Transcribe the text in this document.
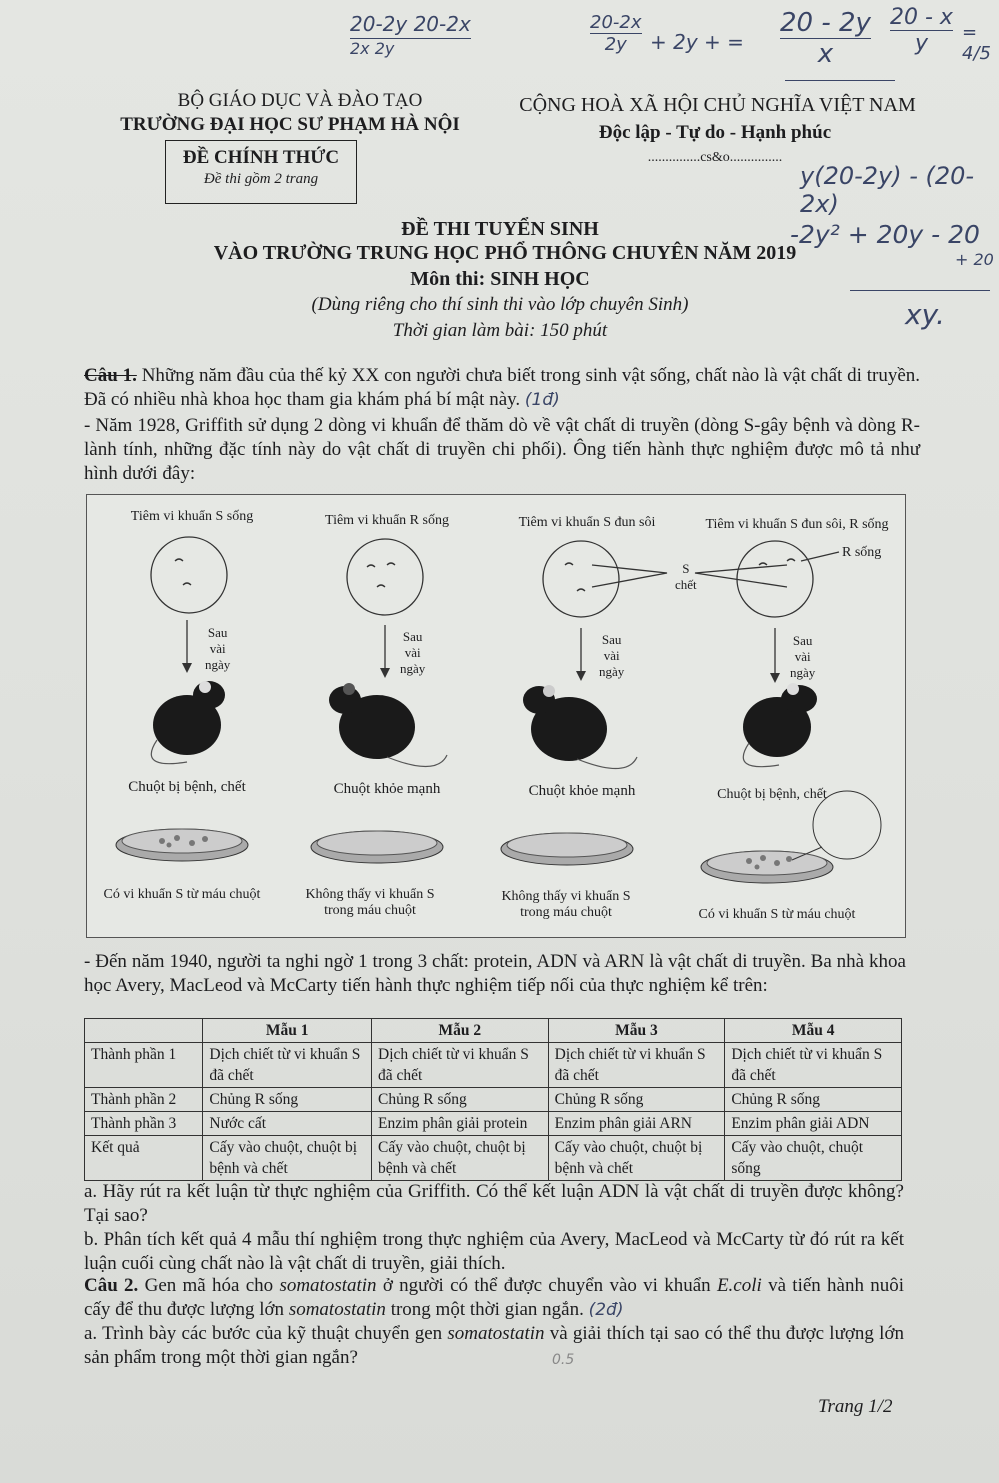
20-2y 20-2x
2x 2y
20-2x
2y	+ 2y + =
20 - 2y
x
20 - x
y	= 4/5
y(20-2y) - (20-2x)
-2y² + 20y - 20
+ 20
xy.
BỘ GIÁO DỤC VÀ ĐÀO TẠO
TRƯỜNG ĐẠI HỌC SƯ PHẠM HÀ NỘI
ĐỀ CHÍNH THỨC
Đề thi gồm 2 trang
CỘNG HOÀ XÃ HỘI CHỦ NGHĨA VIỆT NAM
Độc lập - Tự do - Hạnh phúc
...............cs&o...............
ĐỀ THI TUYỂN SINH
VÀO TRƯỜNG TRUNG HỌC PHỔ THÔNG CHUYÊN NĂM 2019
Môn thi: SINH HỌC
(Dùng riêng cho thí sinh thi vào lớp chuyên Sinh)
Thời gian làm bài: 150 phút
Câu 1. Những năm đầu của thế kỷ XX con người chưa biết trong sinh vật sống, chất nào là vật chất di truyền. Đã có nhiều nhà khoa học tham gia khám phá bí mật này. (1đ)
- Năm 1928, Griffith sử dụng 2 dòng vi khuẩn để thăm dò về vật chất di truyền (dòng S-gây bệnh và dòng R-lành tính, những đặc tính này do vật chất di truyền chi phối). Ông tiến hành thực nghiệm được mô tả như hình dưới đây:
Tiêm vi khuẩn S sống	Tiêm vi khuẩn R sống	Tiêm vi khuẩn S đun sôi	Tiêm vi khuẩn S đun sôi, R sống
S
chết
R sống
Sau
vài
ngày
Sau
vài
ngày
Sau
vài
ngày
Sau
vài
ngày
Chuột bị bệnh, chết	Chuột khỏe mạnh	Chuột khỏe mạnh	Chuột bị bệnh, chết
Có vi khuẩn S từ máu chuột	Không thấy vi khuẩn S trong máu chuột
Không thấy vi khuẩn S trong máu chuột	Có vi khuẩn S từ máu chuột
- Đến năm 1940, người ta nghi ngờ 1 trong 3 chất: protein, ADN và ARN là vật chất di truyền. Ba nhà khoa học Avery, MacLeod và McCarty tiến hành thực nghiệm tiếp nối của thực nghiệm kể trên:
	Mẫu 1	Mẫu 2	Mẫu 3	Mẫu 4
Thành phần 1	Dịch chiết từ vi khuẩn S đã chết	Dịch chiết từ vi khuẩn S đã chết	Dịch chiết từ vi khuẩn S đã chết	Dịch chiết từ vi khuẩn S đã chết
Thành phần 2	Chủng R sống	Chủng R sống	Chủng R sống	Chủng R sống
Thành phần 3	Nước cất	Enzim phân giải protein	Enzim phân giải ARN	Enzim phân giải ADN
Kết quả	Cấy vào chuột, chuột bị bệnh và chết	Cấy vào chuột, chuột bị bệnh và chết	Cấy vào chuột, chuột bị bệnh và chết	Cấy vào chuột, chuột sống
a. Hãy rút ra kết luận từ thực nghiệm của Griffith. Có thể kết luận ADN là vật chất di truyền được không? Tại sao?
b. Phân tích kết quả 4 mẫu thí nghiệm trong thực nghiệm của Avery, MacLeod và McCarty từ đó rút ra kết luận cuối cùng chất nào là vật chất di truyền, giải thích.
Câu 2. Gen mã hóa cho somatostatin ở người có thể được chuyển vào vi khuẩn E.coli và tiến hành nuôi cấy để thu được lượng lớn somatostatin trong một thời gian ngắn. (2đ)
a. Trình bày các bước của kỹ thuật chuyển gen somatostatin và giải thích tại sao có thể thu được lượng lớn sản phẩm trong một thời gian ngắn?	0.5
Trang 1/2
